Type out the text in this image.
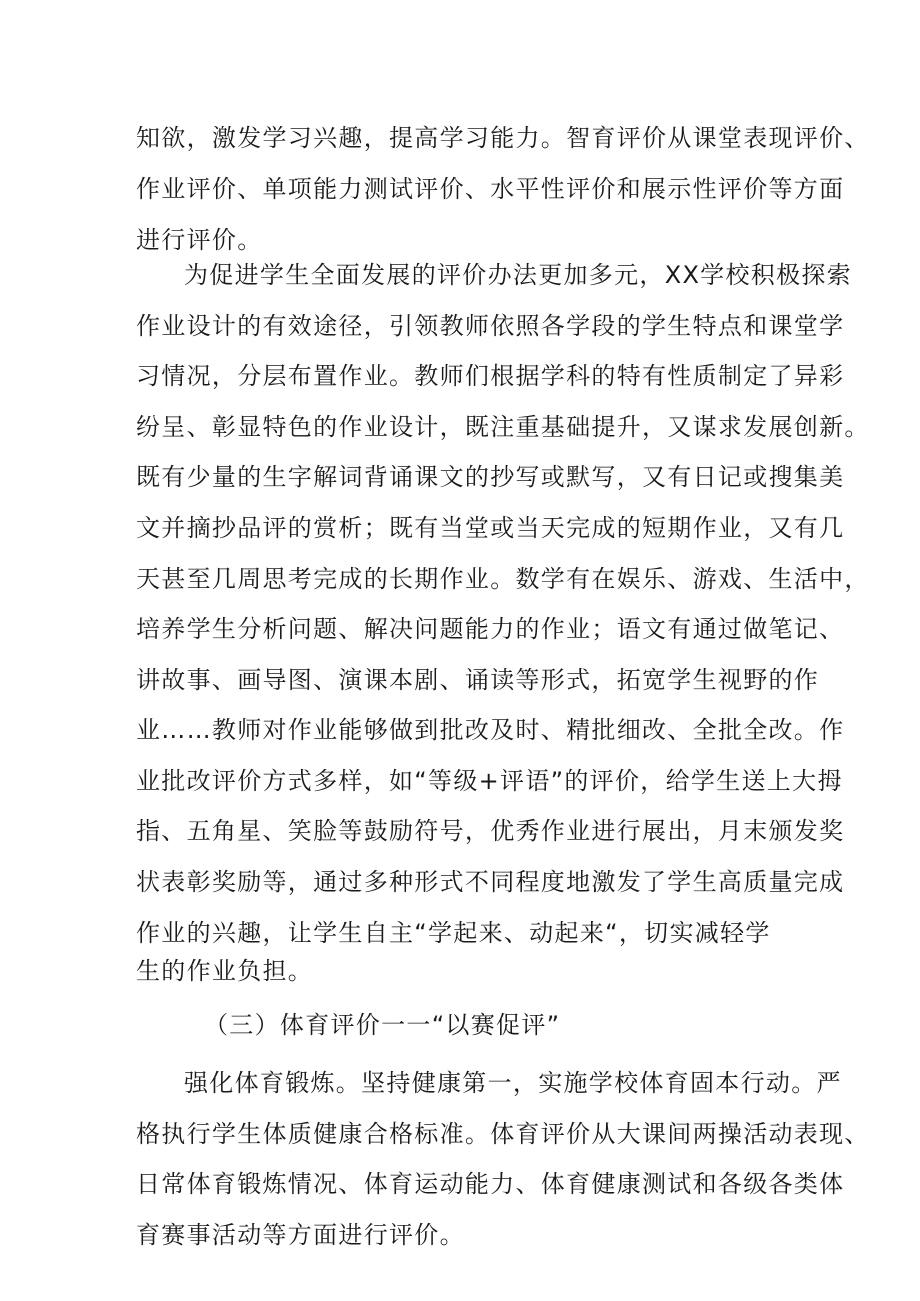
知欲，激发学习兴趣，提高学习能力。智育评价从课堂表现评价、
作业评价、单项能力测试评价、水平性评价和展示性评价等方面
进行评价。
为促进学生全面发展的评价办法更加多元，XX学校积极探索
作业设计的有效途径，引领教师依照各学段的学生特点和课堂学
习情况，分层布置作业。教师们根据学科的特有性质制定了异彩
纷呈、彰显特色的作业设计，既注重基础提升，又谋求发展创新。
既有少量的生字解词背诵课文的抄写或默写，又有日记或搜集美
文并摘抄品评的赏析；既有当堂或当天完成的短期作业，又有几
天甚至几周思考完成的长期作业。数学有在娱乐、游戏、生活中，
培养学生分析问题、解决问题能力的作业；语文有通过做笔记、
讲故事、画导图、演课本剧、诵读等形式，拓宽学生视野的作
业……教师对作业能够做到批改及时、精批细改、全批全改。作
业批改评价方式多样，如“等级+评语”的评价，给学生送上大拇
指、五角星、笑脸等鼓励符号，优秀作业进行展出，月末颁发奖
状表彰奖励等，通过多种形式不同程度地激发了学生高质量完成
作业的兴趣，让学生自主“学起来、动起来“，切实减轻学
生的作业负担。
（三）体育评价一一“以赛促评”
强化体育锻炼。坚持健康第一，实施学校体育固本行动。严
格执行学生体质健康合格标准。体育评价从大课间两操活动表现、
日常体育锻炼情况、体育运动能力、体育健康测试和各级各类体
育赛事活动等方面进行评价。
